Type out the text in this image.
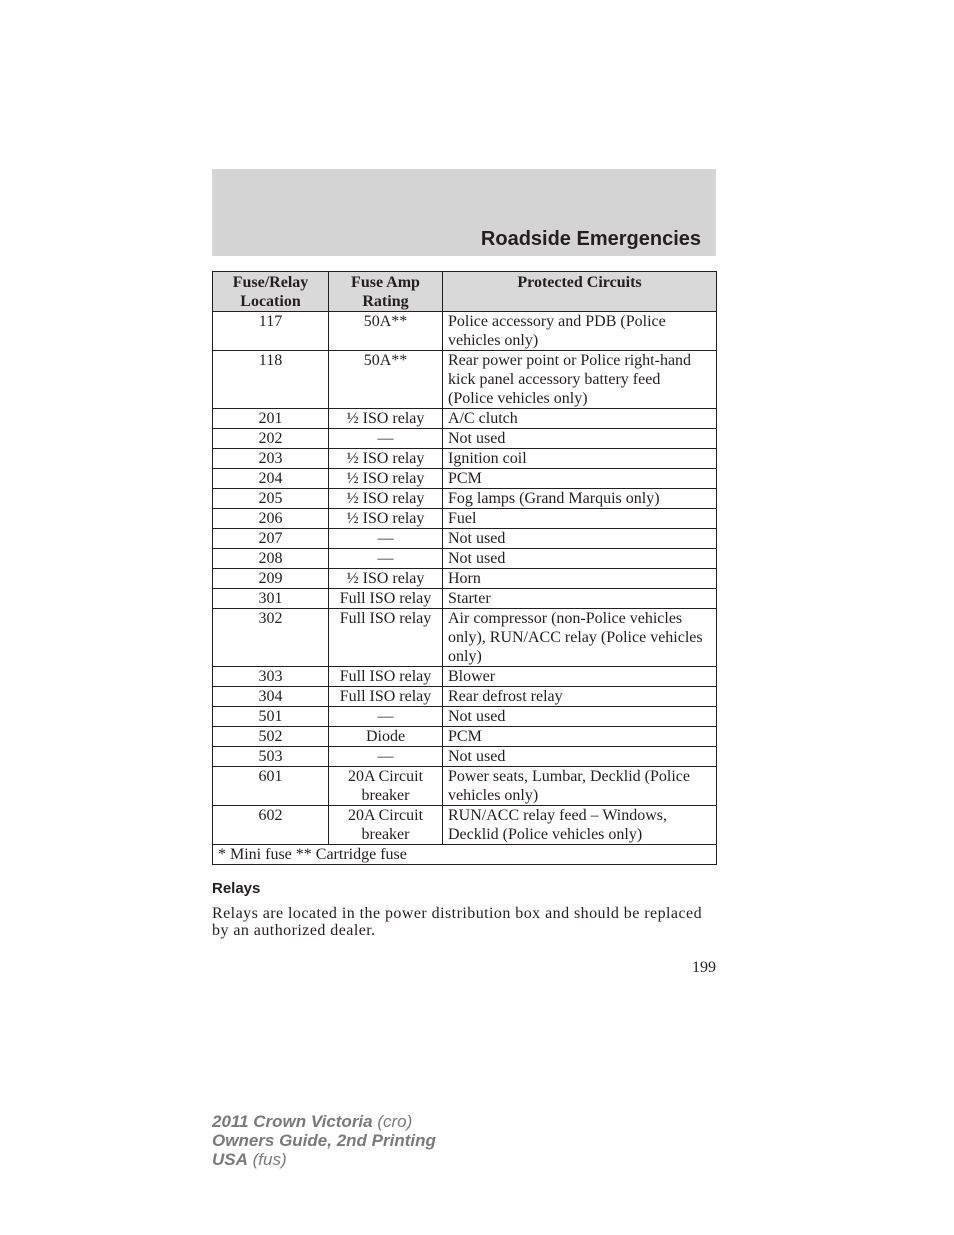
Roadside Emergencies
Fuse/Relay Location	Fuse Amp Rating	Protected Circuits
117	50A**	Police accessory and PDB (Police vehicles only)
118	50A**	Rear power point or Police right-hand kick panel accessory battery feed (Police vehicles only)
201	½ ISO relay	A/C clutch
202	—	Not used
203	½ ISO relay	Ignition coil
204	½ ISO relay	PCM
205	½ ISO relay	Fog lamps (Grand Marquis only)
206	½ ISO relay	Fuel
207	—	Not used
208	—	Not used
209	½ ISO relay	Horn
301	Full ISO relay	Starter
302	Full ISO relay	Air compressor (non-Police vehicles only), RUN/ACC relay (Police vehicles only)
303	Full ISO relay	Blower
304	Full ISO relay	Rear defrost relay
501	—	Not used
502	Diode	PCM
503	—	Not used
601	20A Circuit breaker	Power seats, Lumbar, Decklid (Police vehicles only)
602	20A Circuit breaker	RUN/ACC relay feed – Windows, Decklid (Police vehicles only)
* Mini fuse ** Cartridge fuse		
Relays
Relays are located in the power distribution box and should be replaced by an authorized dealer.
199
2011 Crown Victoria (cro)
Owners Guide, 2nd Printing
USA (fus)
